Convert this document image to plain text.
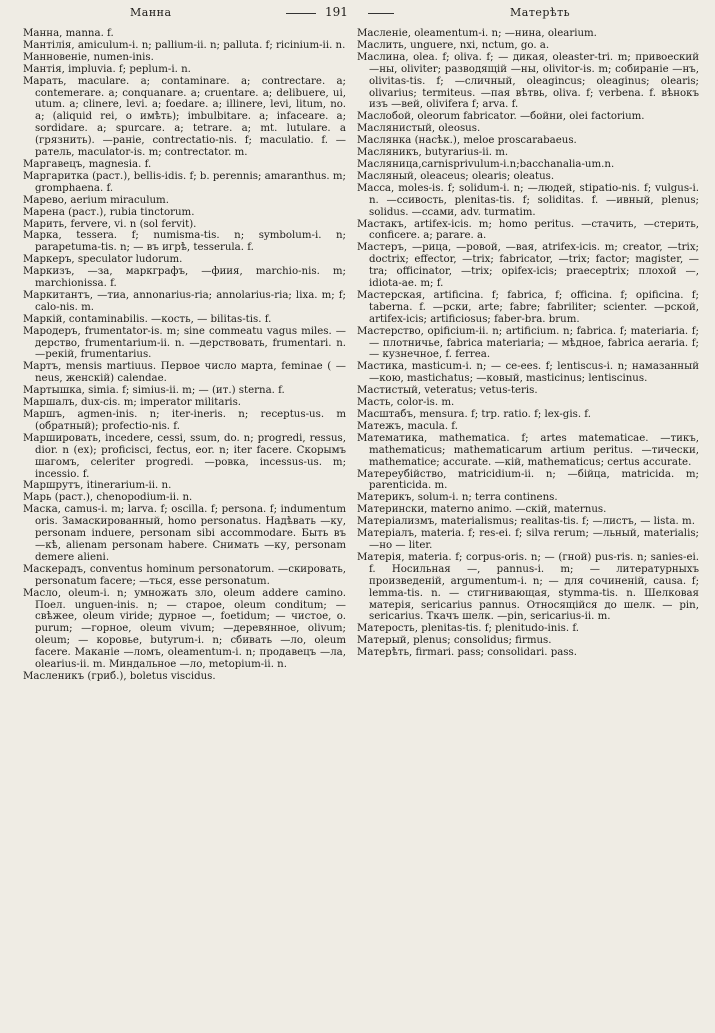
Манна	191	Матерѣть

Манна, manna. f.

Мантілія, amiculum-i. n; pallium-ii. n; palluta. f; ricinium-ii. n.

Манновеніе, numen-inis.

Мантія, impluvia. f; peplum-i. n.

Марать, maculare. a; contaminare. a; contrectare. a; contemerare. a; conquanare. a; cruentare. a; delibuere, ui, utum. a; clinere, levi. a; foedare. a; illinere, levi, litum, no. a; (aliquid rei, o имѣть); imbulbitare. a; infaceare. a; sordidare. a; spurcare. a; tetrare. a; mt. lutulare. a (грязнить). —раніе, contrectatio-nis. f; maculatio. f. —ратель, maculator-is. m; contrectator. m.

Маргавецъ, magnesia. f.

Маргаритка (раст.), bellis-idis. f; b. perennis; amaranthus. m; gromphaena. f.

Марево, aerium miraculum.

Марена (раст.), rubia tinctorum.

Марить, fervere, vi. n (sol fervit).

Марка, tessera. f; numisma-tis. n; symbolum-i. n; parapetuma-tis. n; — въ игрѣ, tesserula. f.

Маркеръ, speculator ludorum.

Маркизъ, —за, маркграфъ, —фиия, marchio-nis. m; marchionissa. f.

Маркитантъ, —тиа, annonarius-ria; annolarius-ria; lixa. m; f; calo-nis. m.

Маркій, contaminabilis. —кость, — bilitas-tis. f.

Мародеръ, frumentator-is. m; sine commeatu vagus miles. —дерство, frumentarium-ii. n. —дерствовать, frumentari. n. —рекій, frumentarius.

Мартъ, mensis martiuus. Первое число марта, feminae ( —neus, женскій) calendae.

Мартышка, simia. f; simius-ii. m; — (ит.) sterna. f.

Маршалъ, dux-cis. m; imperator militaris.

Маршъ, agmen-inis. n; iter-ineris. n; receptus-us. m (обратный); profectio-nis. f.

Маршировать, incedere, cessi, ssum, do. n; progredi, ressus, dior. n (ex); proficisci, fectus, eor. n; iter facere. Скорымъ шагомъ, celeriter progredi. —ровка, incessus-us. m; incessio. f.

Маршрутъ, itinerarium-ii. n.

Марь (раст.), chenopodium-ii. n.

Маска, camus-i. m; larva. f; oscilla. f; persona. f; indumentum oris. Замаскированный, homo personatus. Надѣвать —ку, personam induere, personam sibi accommodare. Быть въ —кѣ, alienam personam habere. Снимать —ку, personam demere alieni.

Маскерадъ, conventus hominum personatorum. —скировать, personatum facere; —ться, esse personatum.

Масло, oleum-i. n; умножать зло, oleum addere camino. Поел. unguen-inis. n; — старое, oleum conditum; — свѣжее, oleum viride; дурное —, foetidum; — чистое, o. purum; —горное, oleum vivum; —деревянное, olivum; oleum; — коровье, butyrum-i. n; сбивать —ло, oleum facere. Маканіе —ломъ, oleamentum-i. n; продавецъ —ла, olearius-ii. m. Миндальное —ло, metopium-ii. n.

Масленикъ (гриб.), boletus viscidus.

Масленіе, oleamentum-i. n; —нина, olearium.

Маслить, unguere, nxi, nctum, go. a.

Маслина, olea. f; oliva. f; — дикая, oleaster-tri. m; привоеский —ны, oliviter; разводящій —ны, olivitor-is. m; собираніе —нъ, olivitas-tis. f; —сличный, oleagincus; oleaginus; olearis; olivarius; termiteus. —пая вѣтвь, oliva. f; verbena. f. вѣнокъ изъ —вей, olivifera f; arva. f.

Маслобой, oleorum fabricator. —бойни, olei factorium.

Маслянистый, oleosus.

Маслянка (насѣк.), meloe proscarabaeus.

Масляникъ, butyrarius-ii. m.

Масляница,carnisprivulum-i.n;bacchanalia-um.n.

Масляный, oleaceus; olearis; oleatus.

Масса, moles-is. f; solidum-i. n; —людей, stipatio-nis. f; vulgus-i. n. —ссивость, plenitas-tis. f; soliditas. f. —ивный, plenus; solidus. —ссами, adv. turmatim.

Мастакъ, artifex-icis. m; homo peritus. —стачить, —стерить, conficere. a; parare. a.

Мастеръ, —рица, —ровой, —вая, atrifex-icis. m; creator, —trix; doctrix; effector, —trix; fabricator, —trix; factor; magister, —tra; officinator, —trix; opifex-icis; praeceptrix; плохой —, idiota-ae. m; f.

Мастерская, artificina. f; fabrica, f; officina. f; opificina. f; taberna. f. —рски, arte; fabre; fabriliter; scienter. —рской, artifex-icis; artificiosus; faber-bra. brum.

Мастерство, opificium-ii. n; artificium. n; fabrica. f; materiaria. f; — плотничье, fabrica materiaria; — мѣдное, fabrica aeraria. f; — кузнечное, f. ferrea.

Мастика, masticum-i. n; — ce-ees. f; lentiscus-i. n; намазанный —кою, mastichatus; —ковый, masticinus; lentiscinus.

Мастистый, veteratus; vetus-teris.

Масть, color-is. m.

Масштабъ, mensura. f; trp. ratio. f; lex-gis. f.

Матежъ, macula. f.

Математика, mathematica. f; artes matematicae. —тикъ, mathematicus; mathematicarum artium peritus. —тически, mathematice; accurate. —кій, mathematicus; certus accurate.

Матереубійство, matricidium-ii. n; —бійца, matricida. m; parenticida. m.

Материкъ, solum-i. n; terra continens.

Матерински, materno animo. —скій, maternus.

Матеріализмъ, materialismus; realitas-tis. f; —листъ, — lista. m.

Матеріалъ, materia. f; res-ei. f; silva rerum; —льный, materialis; —но — liter.

Матерія, materia. f; corpus-oris. n; — (гной) pus-ris. n; sanies-ei. f. Носильная —, pannus-i. m; — литературныхъ произведеній, argumentum-i. n; — для сочиненій, causa. f; lemma-tis. n. — стигнивающая, stymma-tis. n. Шелковая матерія, sericarius pannus. Относящійся до шелк. — pin, sericarius. Ткачъ шелк. —pin, sericarius-ii. m.

Матерость, plenitas-tis. f; plenitudo-inis. f.

Матерый, plenus; consolidus; firmus.

Матерѣть, firmari. pass; consolidari. pass.
